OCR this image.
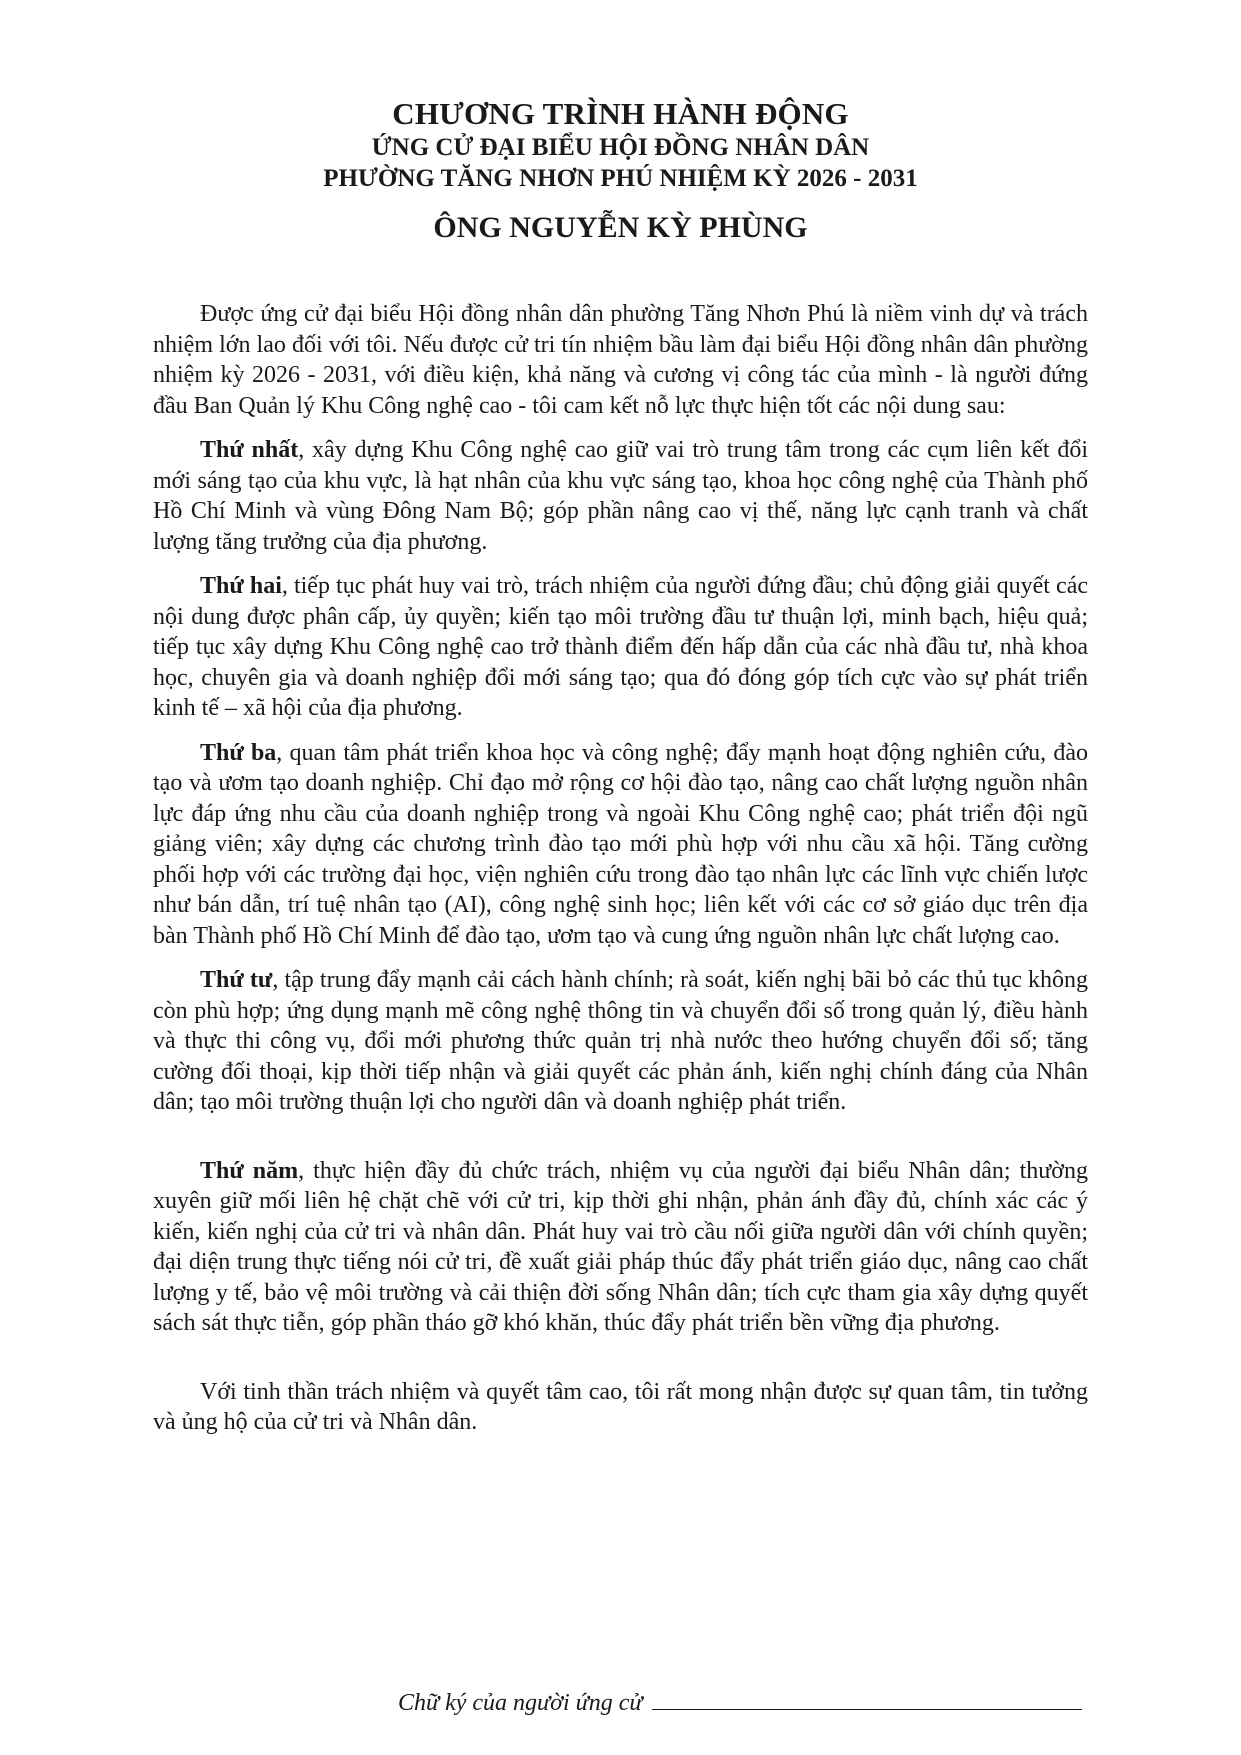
CHƯƠNG TRÌNH HÀNH ĐỘNG
ỨNG CỬ ĐẠI BIỂU HỘI ĐỒNG NHÂN DÂN
PHƯỜNG TĂNG NHƠN PHÚ NHIỆM KỲ 2026 - 2031
ÔNG NGUYỄN KỲ PHÙNG

Được ứng cử đại biểu Hội đồng nhân dân phường Tăng Nhơn Phú là niềm vinh dự và trách nhiệm lớn lao đối với tôi. Nếu được cử tri tín nhiệm bầu làm đại biểu Hội đồng nhân dân phường nhiệm kỳ 2026 - 2031, với điều kiện, khả năng và cương vị công tác của mình - là người đứng đầu Ban Quản lý Khu Công nghệ cao - tôi cam kết nỗ lực thực hiện tốt các nội dung sau:

Thứ nhất, xây dựng Khu Công nghệ cao giữ vai trò trung tâm trong các cụm liên kết đổi mới sáng tạo của khu vực, là hạt nhân của khu vực sáng tạo, khoa học công nghệ của Thành phố Hồ Chí Minh và vùng Đông Nam Bộ; góp phần nâng cao vị thế, năng lực cạnh tranh và chất lượng tăng trưởng của địa phương.

Thứ hai, tiếp tục phát huy vai trò, trách nhiệm của người đứng đầu; chủ động giải quyết các nội dung được phân cấp, ủy quyền; kiến tạo môi trường đầu tư thuận lợi, minh bạch, hiệu quả; tiếp tục xây dựng Khu Công nghệ cao trở thành điểm đến hấp dẫn của các nhà đầu tư, nhà khoa học, chuyên gia và doanh nghiệp đổi mới sáng tạo; qua đó đóng góp tích cực vào sự phát triển kinh tế – xã hội của địa phương.

Thứ ba, quan tâm phát triển khoa học và công nghệ; đẩy mạnh hoạt động nghiên cứu, đào tạo và ươm tạo doanh nghiệp. Chỉ đạo mở rộng cơ hội đào tạo, nâng cao chất lượng nguồn nhân lực đáp ứng nhu cầu của doanh nghiệp trong và ngoài Khu Công nghệ cao; phát triển đội ngũ giảng viên; xây dựng các chương trình đào tạo mới phù hợp với nhu cầu xã hội. Tăng cường phối hợp với các trường đại học, viện nghiên cứu trong đào tạo nhân lực các lĩnh vực chiến lược như bán dẫn, trí tuệ nhân tạo (AI), công nghệ sinh học; liên kết với các cơ sở giáo dục trên địa bàn Thành phố Hồ Chí Minh để đào tạo, ươm tạo và cung ứng nguồn nhân lực chất lượng cao.

Thứ tư, tập trung đẩy mạnh cải cách hành chính; rà soát, kiến nghị bãi bỏ các thủ tục không còn phù hợp; ứng dụng mạnh mẽ công nghệ thông tin và chuyển đổi số trong quản lý, điều hành và thực thi công vụ, đổi mới phương thức quản trị nhà nước theo hướng chuyển đổi số; tăng cường đối thoại, kịp thời tiếp nhận và giải quyết các phản ánh, kiến nghị chính đáng của Nhân dân; tạo môi trường thuận lợi cho người dân và doanh nghiệp phát triển.

Thứ năm, thực hiện đầy đủ chức trách, nhiệm vụ của người đại biểu Nhân dân; thường xuyên giữ mối liên hệ chặt chẽ với cử tri, kịp thời ghi nhận, phản ánh đầy đủ, chính xác các ý kiến, kiến nghị của cử tri và nhân dân. Phát huy vai trò cầu nối giữa người dân với chính quyền; đại diện trung thực tiếng nói cử tri, đề xuất giải pháp thúc đẩy phát triển giáo dục, nâng cao chất lượng y tế, bảo vệ môi trường và cải thiện đời sống Nhân dân; tích cực tham gia xây dựng quyết sách sát thực tiễn, góp phần tháo gỡ khó khăn, thúc đẩy phát triển bền vững địa phương.

Với tinh thần trách nhiệm và quyết tâm cao, tôi rất mong nhận được sự quan tâm, tin tưởng và ủng hộ của cử tri và Nhân dân.

Chữ ký của người ứng cử
